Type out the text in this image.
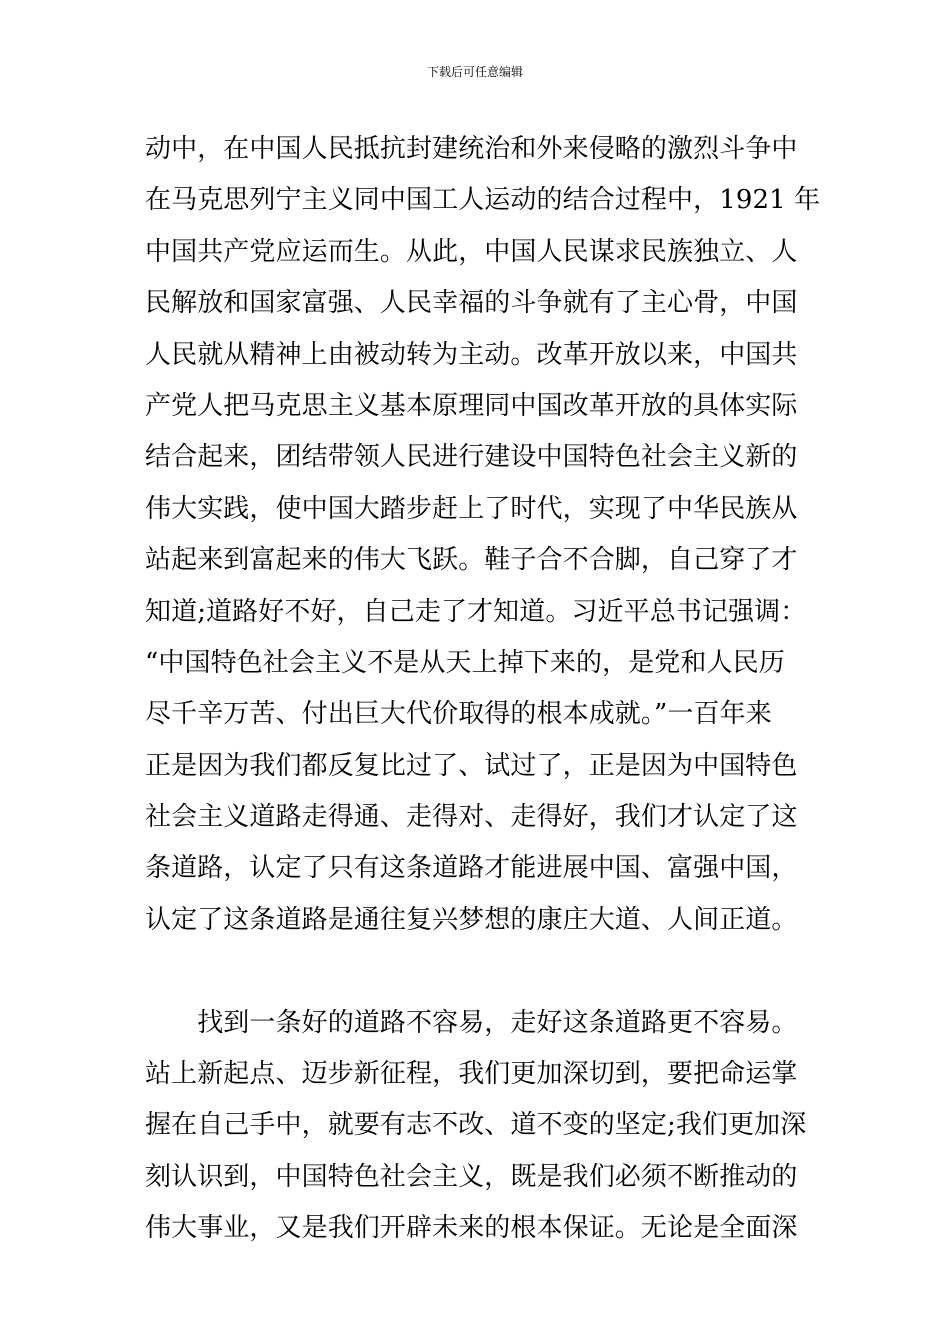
下载后可任意编辑
动中，在中国人民抵抗封建统治和外来侵略的激烈斗争中
在马克思列宁主义同中国工人运动的结合过程中，1921 年
中国共产党应运而生。从此，中国人民谋求民族独立、人
民解放和国家富强、人民幸福的斗争就有了主心骨，中国
人民就从精神上由被动转为主动。改革开放以来，中国共
产党人把马克思主义基本原理同中国改革开放的具体实际
结合起来，团结带领人民进行建设中国特色社会主义新的
伟大实践，使中国大踏步赶上了时代，实现了中华民族从
站起来到富起来的伟大飞跃。鞋子合不合脚，自己穿了才
知道;道路好不好，自己走了才知道。习近平总书记强调：
“中国特色社会主义不是从天上掉下来的，是党和人民历
尽千辛万苦、付出巨大代价取得的根本成就。”一百年来
正是因为我们都反复比过了、试过了，正是因为中国特色
社会主义道路走得通、走得对、走得好，我们才认定了这
条道路，认定了只有这条道路才能进展中国、富强中国，
认定了这条道路是通往复兴梦想的康庄大道、人间正道。
　　找到一条好的道路不容易，走好这条道路更不容易。
站上新起点、迈步新征程，我们更加深切到，要把命运掌
握在自己手中，就要有志不改、道不变的坚定;我们更加深
刻认识到，中国特色社会主义，既是我们必须不断推动的
伟大事业，又是我们开辟未来的根本保证。无论是全面深
